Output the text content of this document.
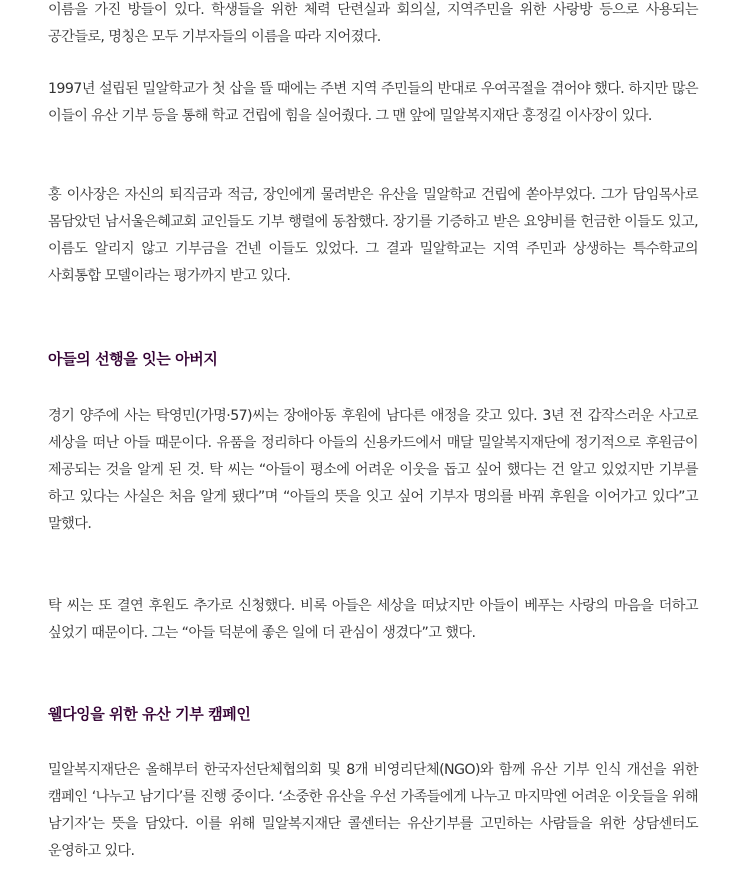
이름을 가진 방들이 있다. 학생들을 위한 체력 단련실과 회의실, 지역주민을 위한 사랑방 등으로 사용되는 공간들로, 명칭은 모두 기부자들의 이름을 따라 지어졌다.

1997년 설립된 밀알학교가 첫 삽을 뜰 때에는 주변 지역 주민들의 반대로 우여곡절을 겪어야 했다. 하지만 많은 이들이 유산 기부 등을 통해 학교 건립에 힘을 실어줬다. 그 맨 앞에 밀알복지재단 홍정길 이사장이 있다.

홍 이사장은 자신의 퇴직금과 적금, 장인에게 물려받은 유산을 밀알학교 건립에 쏟아부었다. 그가 담임목사로 몸담았던 남서울은혜교회 교인들도 기부 행렬에 동참했다. 장기를 기증하고 받은 요양비를 헌금한 이들도 있고, 이름도 알리지 않고 기부금을 건넨 이들도 있었다. 그 결과 밀알학교는 지역 주민과 상생하는 특수학교의 사회통합 모델이라는 평가까지 받고 있다.

아들의 선행을 잇는 아버지

경기 양주에 사는 탁영민(가명·57)씨는 장애아동 후원에 남다른 애정을 갖고 있다. 3년 전 갑작스러운 사고로 세상을 떠난 아들 때문이다. 유품을 정리하다 아들의 신용카드에서 매달 밀알복지재단에 정기적으로 후원금이 제공되는 것을 알게 된 것. 탁 씨는 “아들이 평소에 어려운 이웃을 돕고 싶어 했다는 건 알고 있었지만 기부를 하고 있다는 사실은 처음 알게 됐다”며 “아들의 뜻을 잇고 싶어 기부자 명의를 바꿔 후원을 이어가고 있다”고 말했다.

탁 씨는 또 결연 후원도 추가로 신청했다. 비록 아들은 세상을 떠났지만 아들이 베푸는 사랑의 마음을 더하고 싶었기 때문이다. 그는 “아들 덕분에 좋은 일에 더 관심이 생겼다”고 했다.

웰다잉을 위한 유산 기부 캠페인

밀알복지재단은 올해부터 한국자선단체협의회 및 8개 비영리단체(NGO)와 함께 유산 기부 인식 개선을 위한 캠페인 ‘나누고 남기다’를 진행 중이다. ‘소중한 유산을 우선 가족들에게 나누고 마지막엔 어려운 이웃들을 위해 남기자’는 뜻을 담았다. 이를 위해 밀알복지재단 콜센터는 유산기부를 고민하는 사람들을 위한 상담센터도 운영하고 있다.
